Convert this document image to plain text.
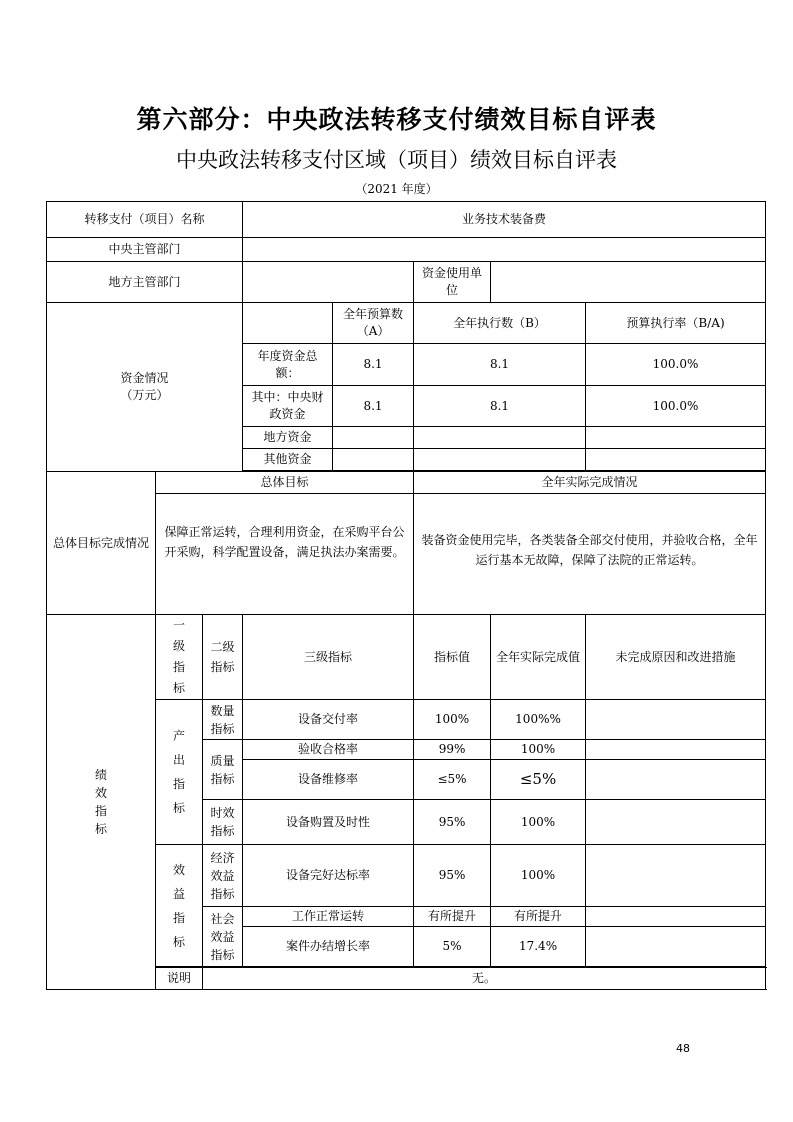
第六部分：中央政法转移支付绩效目标自评表
中央政法转移支付区域（项目）绩效目标自评表
（2021 年度）
转移支付（项目）名称			业务技术装备费				
中央主管部门							
地方主管部门					资金使用单位		
资金情况
（万元）				全年预算数（A）	全年执行数（B）		预算执行率（B/A)
			年度资金总额：	8.1	8.1		100.0%
			其中：中央财政资金	8.1	8.1		100.0%
			地方资金				
			其他资金				

总体目标完成情况	总体目标				全年实际完成情况		
	保障正常运转，合理利用资金，在采购平台公开采购，科学配置设备，满足执法办案需要。				装备资金使用完毕，各类装备全部交付使用，并验收合格，全年运行基本无故障，保障了法院的正常运转。		
绩效指标	一级指标	二级指标	三级指标		指标值	全年实际完成值	未完成原因和改进措施
	产出指标	数量指标	设备交付率		100%	100%%	
		质量指标	验收合格率		99%	100%	
			设备维修率		≤5%	≤5%	
		时效指标	设备购置及时性		95%	100%	
	效益指标	经济效益指标	设备完好达标率		95%	100%	
		社会效益指标	工作正常运转		有所提升	有所提升	
			案件办结增长率		5%	17.4%	

	说明	无。					
48
